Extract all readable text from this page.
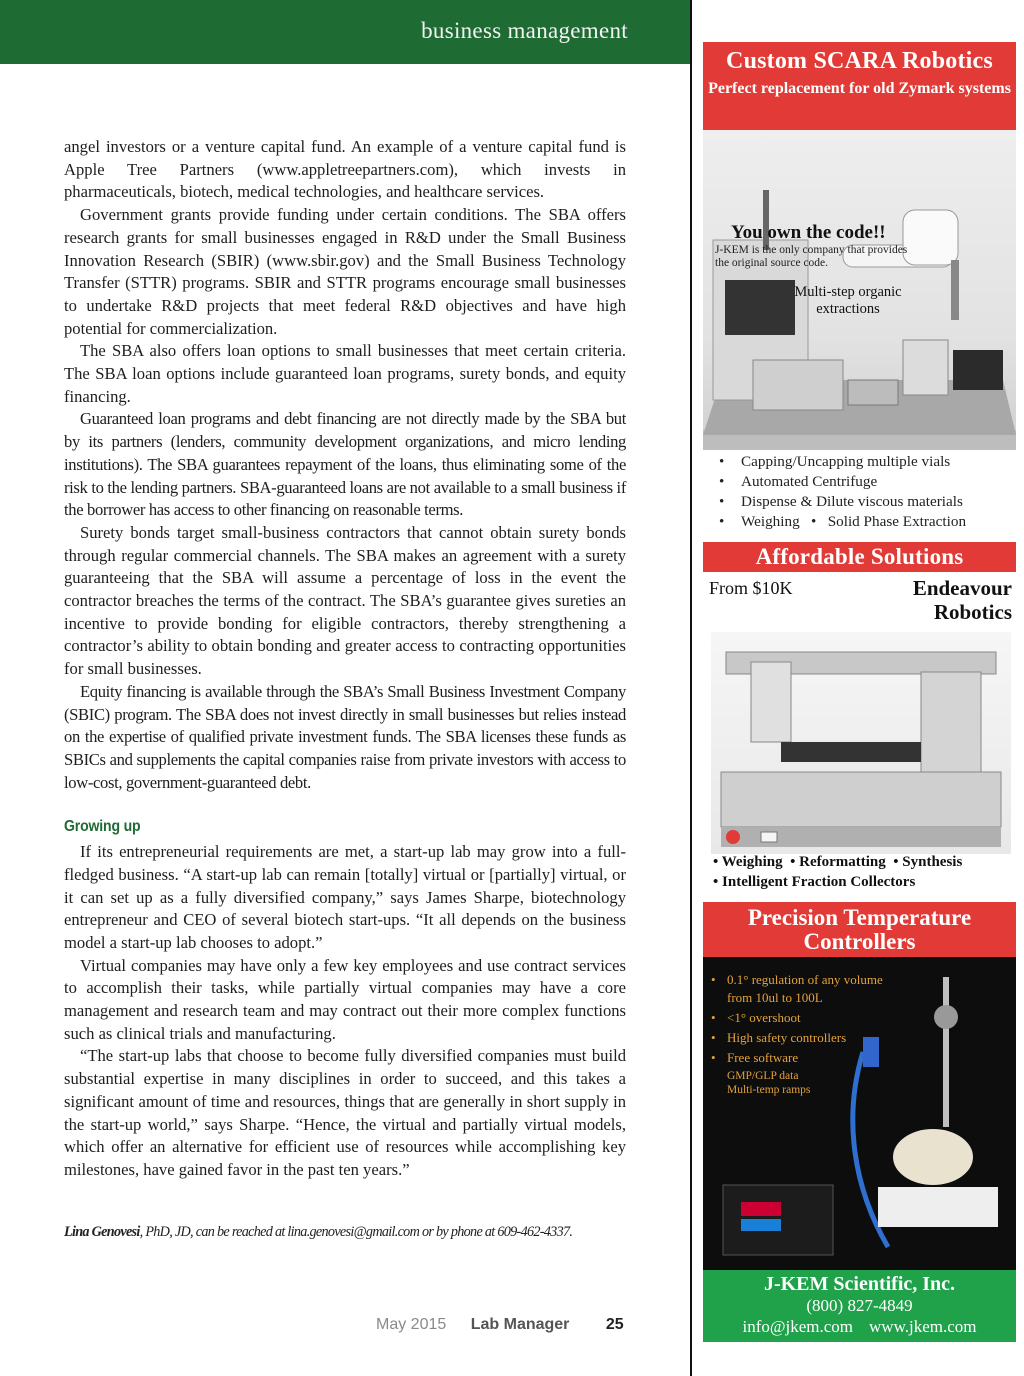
business management

angel investors or a venture capital fund. An example of a venture capital fund is Apple Tree Partners (www.appletreepartners.com), which invests in pharmaceuticals, biotech, medical technologies, and healthcare services.

Government grants provide funding under certain conditions. The SBA offers research grants for small businesses engaged in R&D under the Small Business Innovation Research (SBIR) (www.sbir.gov) and the Small Business Technology Transfer (STTR) programs. SBIR and STTR programs encourage small businesses to undertake R&D projects that meet federal R&D objectives and have high potential for commercialization.

The SBA also offers loan options to small businesses that meet certain criteria. The SBA loan options include guaranteed loan programs, surety bonds, and equity financing.

Guaranteed loan programs and debt financing are not directly made by the SBA but by its partners (lenders, community development organizations, and micro lending institutions). The SBA guarantees repayment of the loans, thus eliminating some of the risk to the lending partners. SBA-guaranteed loans are not available to a small business if the borrower has access to other financing on reasonable terms.

Surety bonds target small-business contractors that cannot obtain surety bonds through regular commercial channels. The SBA makes an agreement with a surety guaranteeing that the SBA will assume a percentage of loss in the event the contractor breaches the terms of the contract. The SBA’s guarantee gives sureties an incentive to provide bonding for eligible contractors, thereby strengthening a contractor’s ability to obtain bonding and greater access to contracting opportunities for small businesses.

Equity financing is available through the SBA’s Small Business Investment Company (SBIC) program. The SBA does not invest directly in small businesses but relies instead on the expertise of qualified private investment funds. The SBA licenses these funds as SBICs and supplements the capital companies raise from private investors with access to low-cost, government-guaranteed debt.

Growing up

If its entrepreneurial requirements are met, a start-up lab may grow into a full-fledged business. “A start-up lab can remain [totally] virtual or [partially] virtual, or it can set up as a fully diversified company,” says James Sharpe, biotechnology entrepreneur and CEO of several biotech start-ups. “It all depends on the business model a start-up lab chooses to adopt.”

Virtual companies may have only a few key employees and use contract services to accomplish their tasks, while partially virtual companies may have a core management and research team and may contract out their more complex functions such as clinical trials and manufacturing.

“The start-up labs that choose to become fully diversified companies must build substantial expertise in many disciplines in order to succeed, and this takes a significant amount of time and resources, things that are generally in short supply in the start-up world,” says Sharpe. “Hence, the virtual and partially virtual models, which offer an alternative for efficient use of resources while accomplishing key milestones, have gained favor in the past ten years.”

Lina Genovesi, PhD, JD, can be reached at lina.genovesi@gmail.com or by phone at 609-462-4337.
May 2015 Lab Manager 25
Custom SCARA Robotics
Perfect replacement for old Zymark systems
You own the code!!
J-KEM is the only company that provides the original source code.
Multi-step organic extractions
• Capping/Uncapping multiple vials
• Automated Centrifuge
• Dispense & Dilute viscous materials
• Weighing • Solid Phase Extraction
Affordable Solutions
From $10K	Endeavour
Robotics
• Weighing  • Reformatting  • Synthesis
• Intelligent Fraction Collectors
Precision Temperature
Controllers
• 0.1° regulation of any volume from 10ul to 100L
• <1° overshoot
• High safety controllers
• Free software
GMP/GLP data
Multi-temp ramps
J-KEM Scientific, Inc.
(800) 827-4849
info@jkem.com www.jkem.com
